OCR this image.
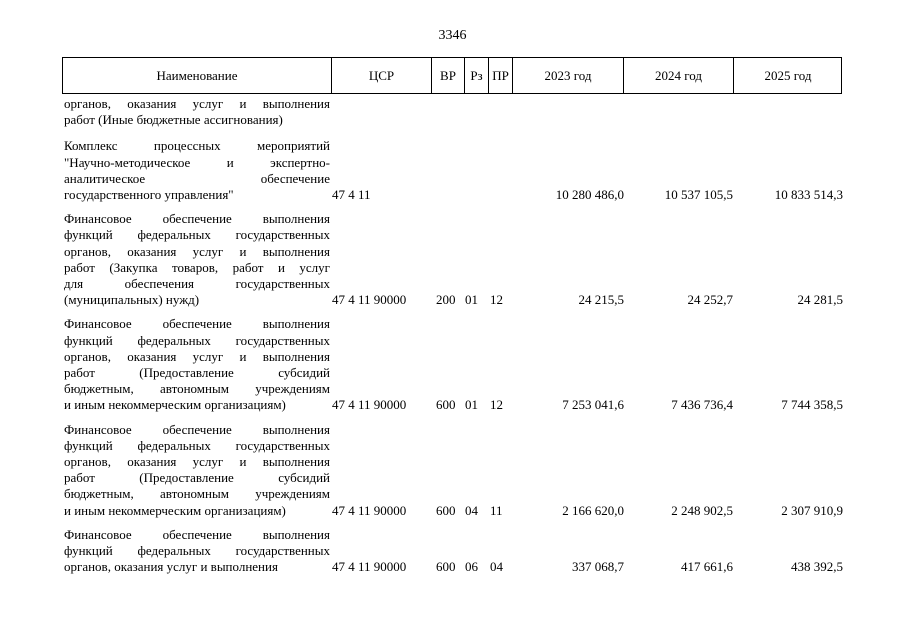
3346
Наименование	ЦСР	ВР	Рз ПР	2023 год	2024 год	2025 год
органов, оказания услуг и выполнения
работ (Иные бюджетные ассигнования)
Комплекс процессных мероприятий
"Научно-методическое и экспертно-
аналитическое обеспечение
государственного управления"	47 4 11	10 280 486,0	10 537 105,5	10 833 514,3
Финансовое обеспечение выполнения
функций федеральных государственных
органов, оказания услуг и выполнения
работ (Закупка товаров, работ и услуг
для обеспечения государственных
(муниципальных) нужд)	47 4 11 90000 200 01 12	24 215,5	24 252,7	24 281,5
Финансовое обеспечение выполнения
функций федеральных государственных
органов, оказания услуг и выполнения
работ (Предоставление субсидий
бюджетным, автономным учреждениям
и иным некоммерческим организациям)	47 4 11 90000 600 01 12	7 253 041,6	7 436 736,4	7 744 358,5
Финансовое обеспечение выполнения
функций федеральных государственных
органов, оказания услуг и выполнения
работ (Предоставление субсидий
бюджетным, автономным учреждениям
и иным некоммерческим организациям)	47 4 11 90000 600 04 11	2 166 620,0	2 248 902,5	2 307 910,9
Финансовое обеспечение выполнения
функций федеральных государственных
органов, оказания услуг и выполнения	47 4 11 90000 600 06 04	337 068,7	417 661,6	438 392,5
